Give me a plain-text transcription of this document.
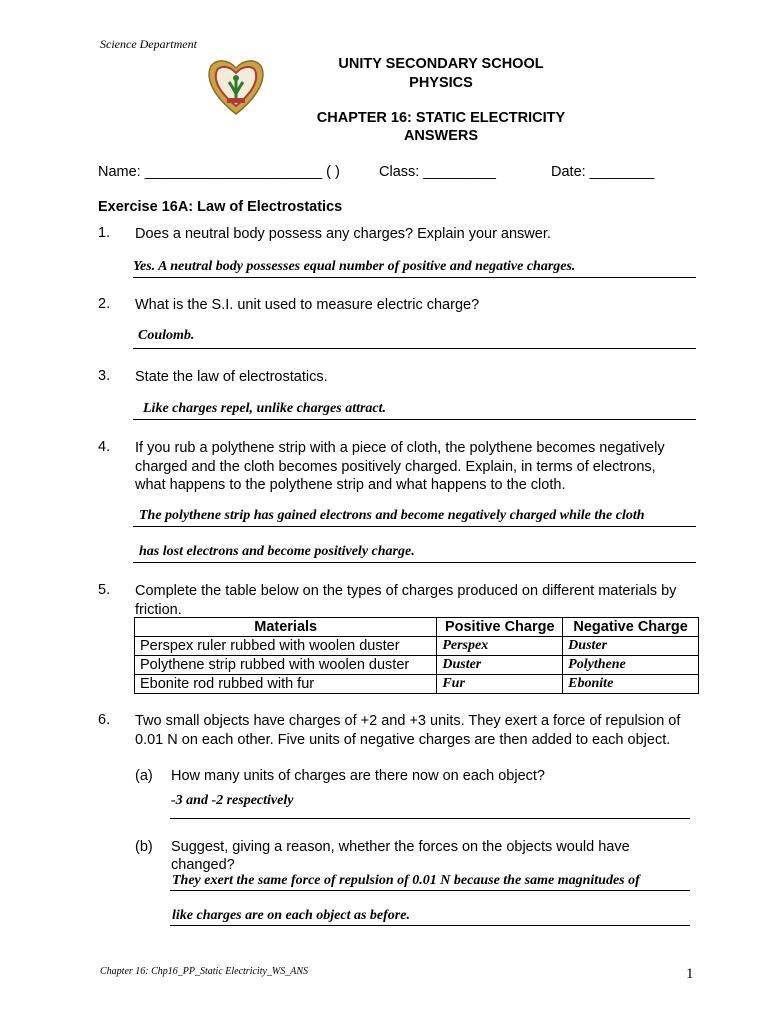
Science Department
UNITY SECONDARY SCHOOL
PHYSICS
CHAPTER 16: STATIC ELECTRICITY
ANSWERS
Name: ______________________ ( )	Class: _________	Date: ________
Exercise 16A: Law of Electrostatics
1. Does a neutral body possess any charges? Explain your answer.
Yes. A neutral body possesses equal number of positive and negative charges.
2. What is the S.I. unit used to measure electric charge?
Coulomb.
3. State the law of electrostatics.
Like charges repel, unlike charges attract.
4. If you rub a polythene strip with a piece of cloth, the polythene becomes negatively charged and the cloth becomes positively charged. Explain, in terms of electrons, what happens to the polythene strip and what happens to the cloth.
The polythene strip has gained electrons and become negatively charged while the cloth
has lost electrons and become positively charge.
5. Complete the table below on the types of charges produced on different materials by friction.
Materials	Positive Charge	Negative Charge
Perspex ruler rubbed with woolen duster	Perspex	Duster
Polythene strip rubbed with woolen duster	Duster	Polythene
Ebonite rod rubbed with fur	Fur	Ebonite
6. Two small objects have charges of +2 and +3 units. They exert a force of repulsion of 0.01 N on each other. Five units of negative charges are then added to each object.
(a) How many units of charges are there now on each object?
-3 and -2 respectively
(b) Suggest, giving a reason, whether the forces on the objects would have changed?
They exert the same force of repulsion of 0.01 N because the same magnitudes of
like charges are on each object as before.
Chapter 16: Chp16_PP_Static Electricity_WS_ANS	1
